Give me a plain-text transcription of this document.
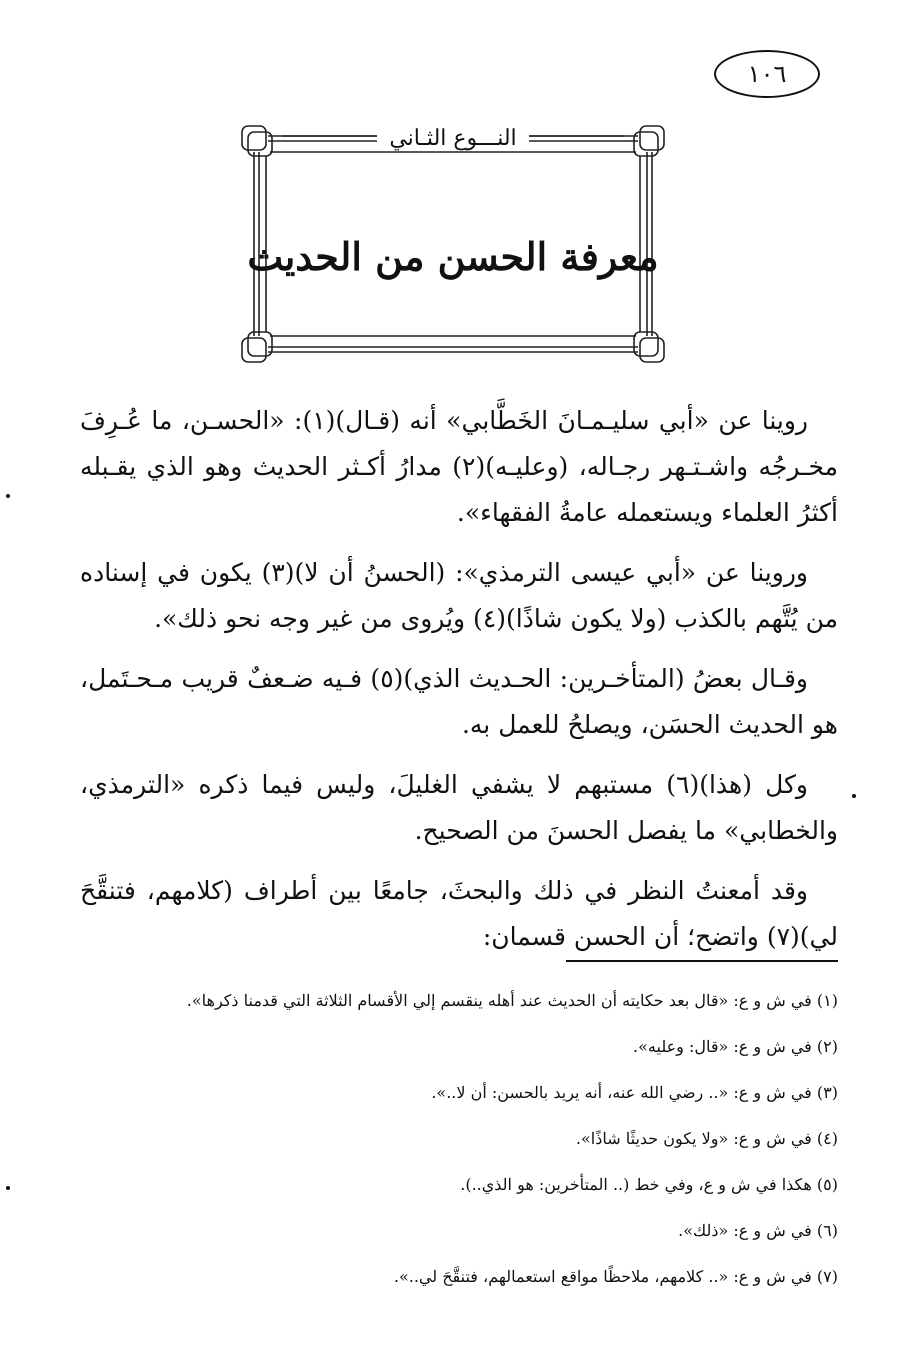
١٠٦
النـــوع الثـاني
معرفة الحسن من الحديث

روينا عن «أبي سليـمـانَ الخَطَّابي» أنه (قـال)(١): «الحسـن، ما عُـرِفَ مخـرجُه واشـتـهر رجـاله، (وعليـه)(٢) مدارُ أكـثر الحديث وهو الذي يقـبله أكثرُ العلماء ويستعمله عامةُ الفقهاء».

وروينا عن «أبي عيسى الترمذي»: (الحسنُ أن لا)(٣) يكون في إسناده من يُتَّهم بالكذب (ولا يكون شاذًا)(٤) ويُروى من غير وجه نحو ذلك».

وقـال بعضُ (المتأخـرين: الحـديث الذي)(٥) فـيه ضـعفٌ قريب مـحـتَمل، هو الحديث الحسَن، ويصلحُ للعمل به.

وكل (هذا)(٦) مستبهم لا يشفي الغليلَ، وليس فيما ذكره «الترمذي، والخطابي» ما يفصل الحسنَ من الصحيح.

وقد أمعنتُ النظر في ذلك والبحثَ، جامعًا بين أطراف (كلامهم، فتنقَّحَ لي)(٧) واتضح؛ أن الحسن قسمان:

(١) في ش و ع: «قال بعد حكايته أن الحديث عند أهله ينقسم إلي الأقسام الثلاثة التي قدمنا ذكرها».
(٢) في ش و ع: «قال: وعليه».
(٣) في ش و ع: «.. رضي الله عنه، أنه يريد بالحسن: أن لا..».
(٤) في ش و ع: «ولا يكون حديثًا شاذًا».
(٥) هكذا في ش و ع، وفي خط (.. المتأخرين: هو الذي..).
(٦) في ش و ع: «ذلك».
(٧) في ش و ع: «.. كلامهم، ملاحظًا مواقع استعمالهم، فتنقَّحَ لي..».
